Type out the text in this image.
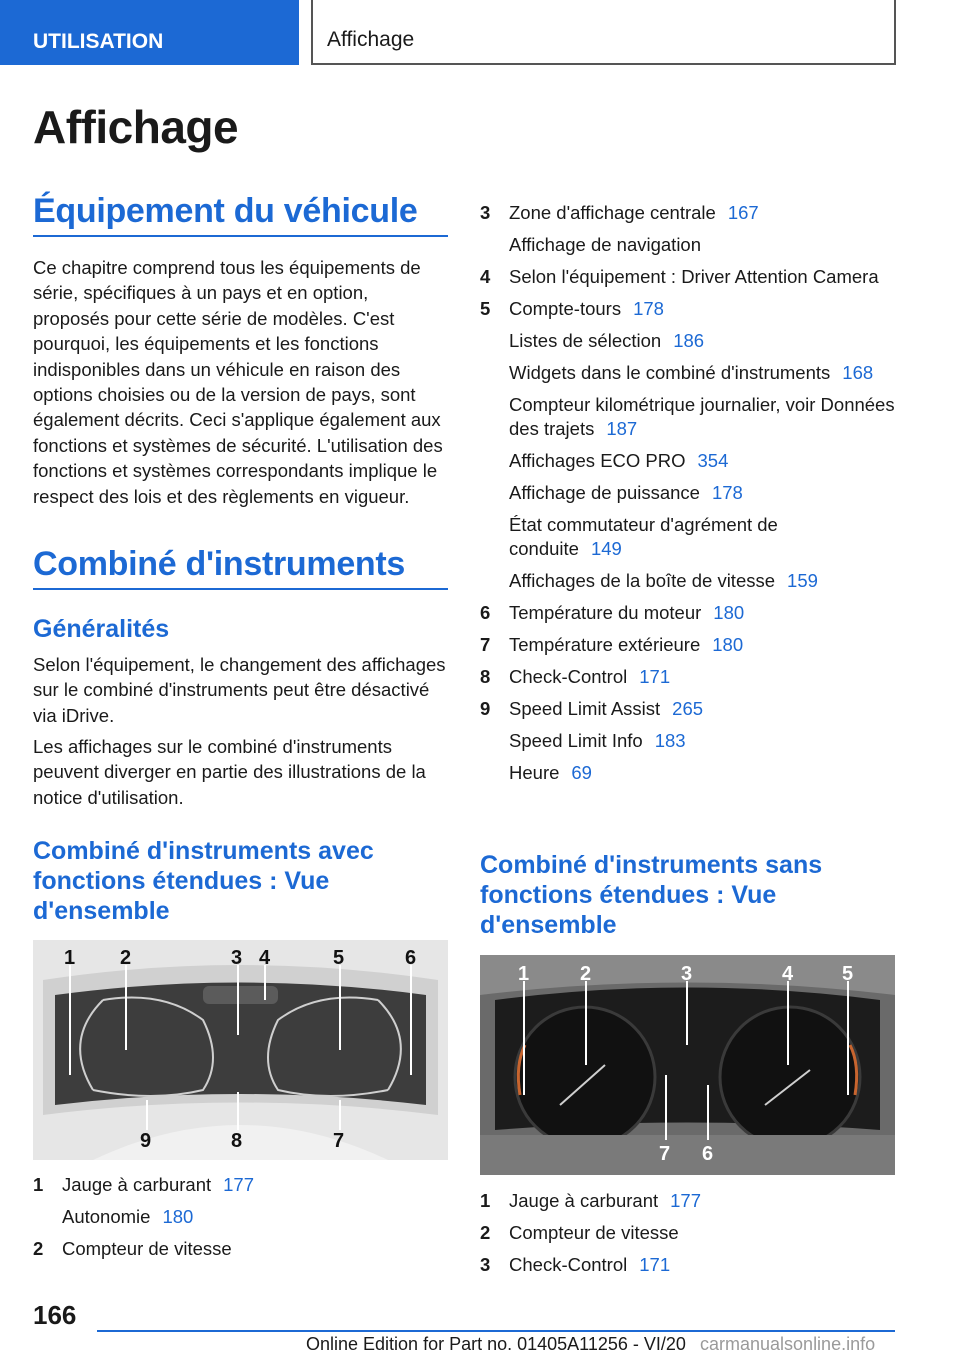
UTILISATION	Affichage
Affichage
Équipement du véhicule
Ce chapitre comprend tous les équipements de série, spécifiques à un pays et en option, proposés pour cette série de modèles. C'est pourquoi, les équipements et les fonctions indisponibles dans un véhicule en raison des options choisies ou de la version de pays, sont également décrits. Ceci s'applique également aux fonctions et systèmes de sécurité. L'utilisation des fonctions et systèmes correspondants implique le respect des lois et des règlements en vigueur.
Combiné d'instruments
Généralités
Selon l'équipement, le changement des affichages sur le combiné d'instruments peut être désactivé via iDrive.
Les affichages sur le combiné d'instruments peuvent diverger en partie des illustrations de la notice d'utilisation.
Combiné d'instruments avec fonctions étendues : Vue d'ensemble
1 2	3 4	5	6
9	8	7
1	Jauge à carburant 177
Autonomie 180
2	Compteur de vitesse
3	Zone d'affichage centrale 167
Affichage de navigation
4	Selon l'équipement : Driver Attention Camera
5	Compte-tours 178
Listes de sélection 186
Widgets dans le combiné d'instruments 168
Compteur kilométrique journalier, voir Données des trajets 187
Affichages ECO PRO 354
Affichage de puissance 178
État commutateur d'agrément de conduite 149
Affichages de la boîte de vitesse 159
6	Température du moteur 180
7	Température extérieure 180
8	Check-Control 171
9	Speed Limit Assist 265
Speed Limit Info 183
Heure 69
Combiné d'instruments sans fonctions étendues : Vue d'ensemble
1	2	3	4 5
7 6
1	Jauge à carburant 177
2	Compteur de vitesse
3	Check-Control 171
166
Online Edition for Part no. 01405A11256 - VI/20 carmanualsonline.info
